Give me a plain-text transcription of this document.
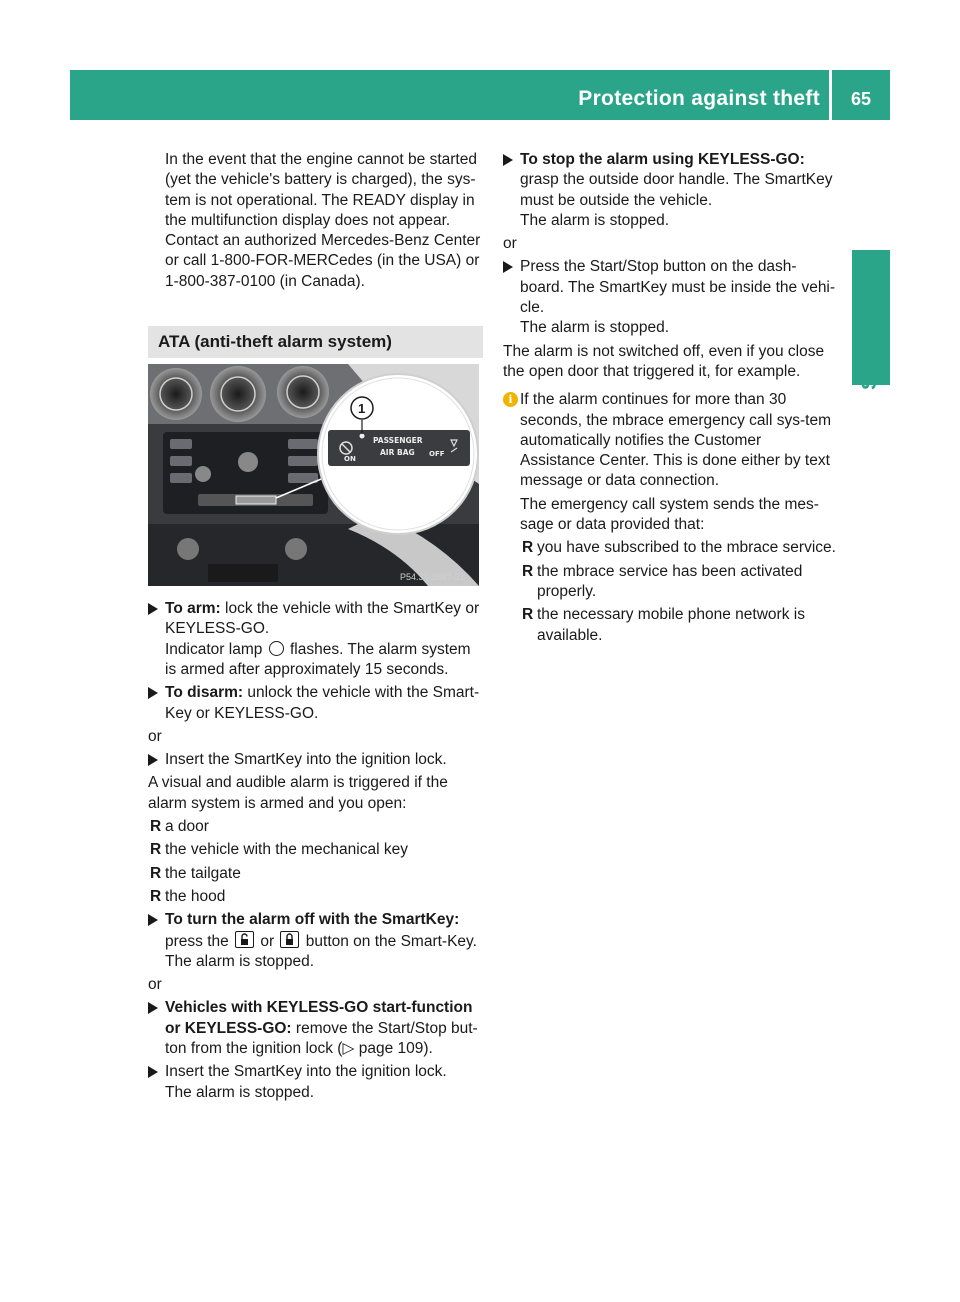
Protection against theft	65
Safety
In the event that the engine cannot be started
(yet the vehicle's battery is charged), the sys-
tem is not operational. The READY display in
the multifunction display does not appear.
Contact an authorized Mercedes-Benz Center
or call 1-800-FOR-MERCedes (in the USA) or
1-800-387-0100 (in Canada).
ATA (anti-theft alarm system)
PASSENGER
AIR BAG
ON
OFF
1
P54.33-3887-31
To arm: lock the vehicle with the SmartKey or KEYLESS-GO.
Indicator lamp  flashes. The alarm system is armed after approximately 15 seconds.
To disarm: unlock the vehicle with the Smart-Key or KEYLESS-GO.

or

Insert the SmartKey into the ignition lock.

A visual and audible alarm is triggered if the alarm system is armed and you open:

R a door
R the vehicle with the mechanical key
R the tailgate
R the hood
To turn the alarm off with the SmartKey:
press the
or
button on the Smart-Key.
The alarm is stopped.

or

Vehicles with KEYLESS-GO start-function or KEYLESS-GO: remove the Start/Stop but-ton from the ignition lock (▷ page 109).
Insert the SmartKey into the ignition lock.
The alarm is stopped.
To stop the alarm using KEYLESS-GO:
grasp the outside door handle. The SmartKey must be outside the vehicle.
The alarm is stopped.

or

Press the Start/Stop button on the dash-board. The SmartKey must be inside the vehi-cle.
The alarm is stopped.

The alarm is not switched off, even if you close the open door that triggered it, for example.

i If the alarm continues for more than 30 seconds, the mbrace emergency call sys-tem automatically notifies the Customer Assistance Center. This is done either by text message or data connection.

The emergency call system sends the mes-sage or data provided that:

R you have subscribed to the mbrace service.
R the mbrace service has been activated properly.
R the necessary mobile phone network is available.
